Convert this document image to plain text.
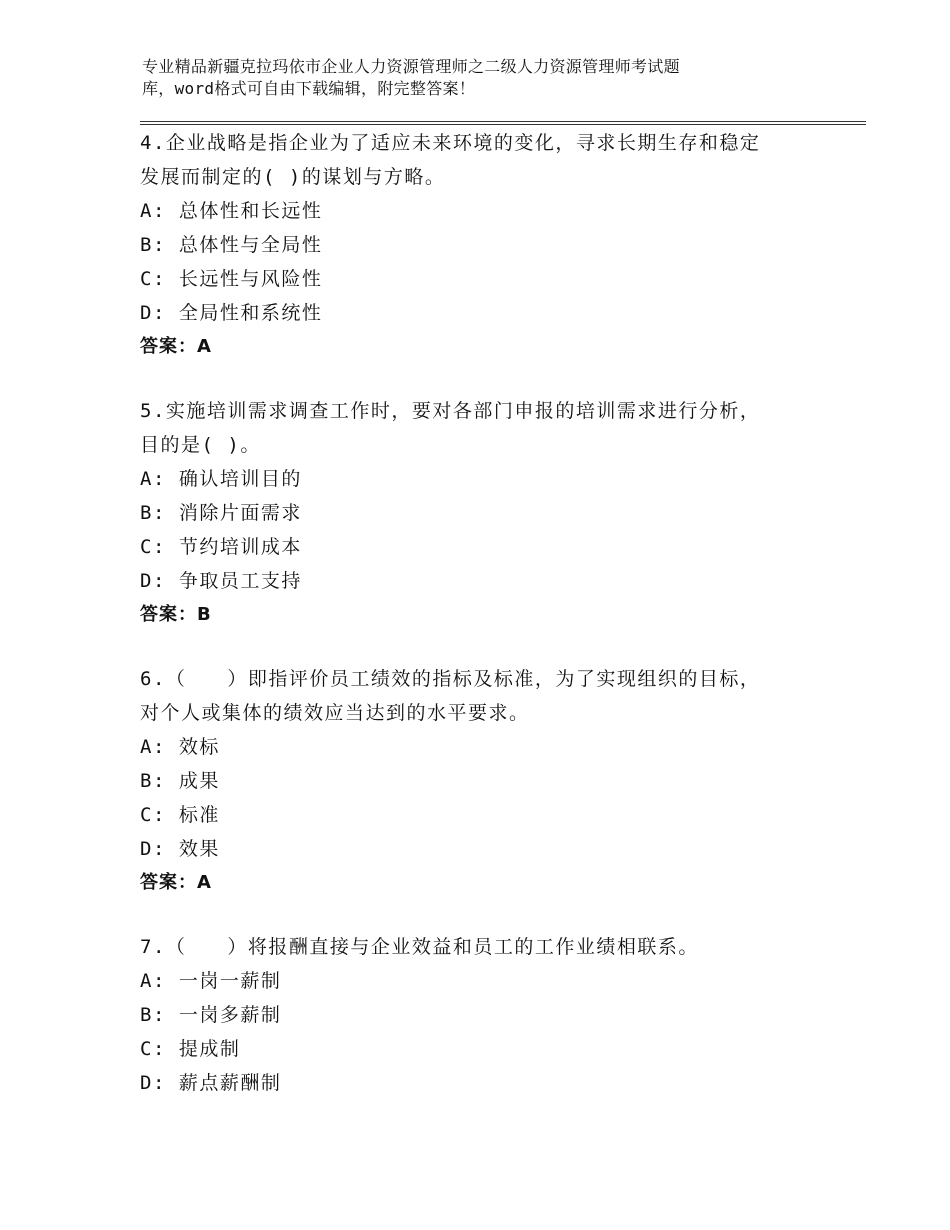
专业精品新疆克拉玛依市企业人力资源管理师之二级人力资源管理师考试题
库，word格式可自由下载编辑，附完整答案！
4.企业战略是指企业为了适应未来环境的变化，寻求长期生存和稳定
发展而制定的( )的谋划与方略。
A: 总体性和长远性
B: 总体性与全局性
C: 长远性与风险性
D: 全局性和系统性
答案：A
5.实施培训需求调查工作时，要对各部门申报的培训需求进行分析，
目的是( )。
A: 确认培训目的
B: 消除片面需求
C: 节约培训成本
D: 争取员工支持
答案：B
6.（　　）即指评价员工绩效的指标及标准，为了实现组织的目标，
对个人或集体的绩效应当达到的水平要求。
A: 效标
B: 成果
C: 标准
D: 效果
答案：A
7.（　　）将报酬直接与企业效益和员工的工作业绩相联系。
A: 一岗一薪制
B: 一岗多薪制
C: 提成制
D: 薪点薪酬制
